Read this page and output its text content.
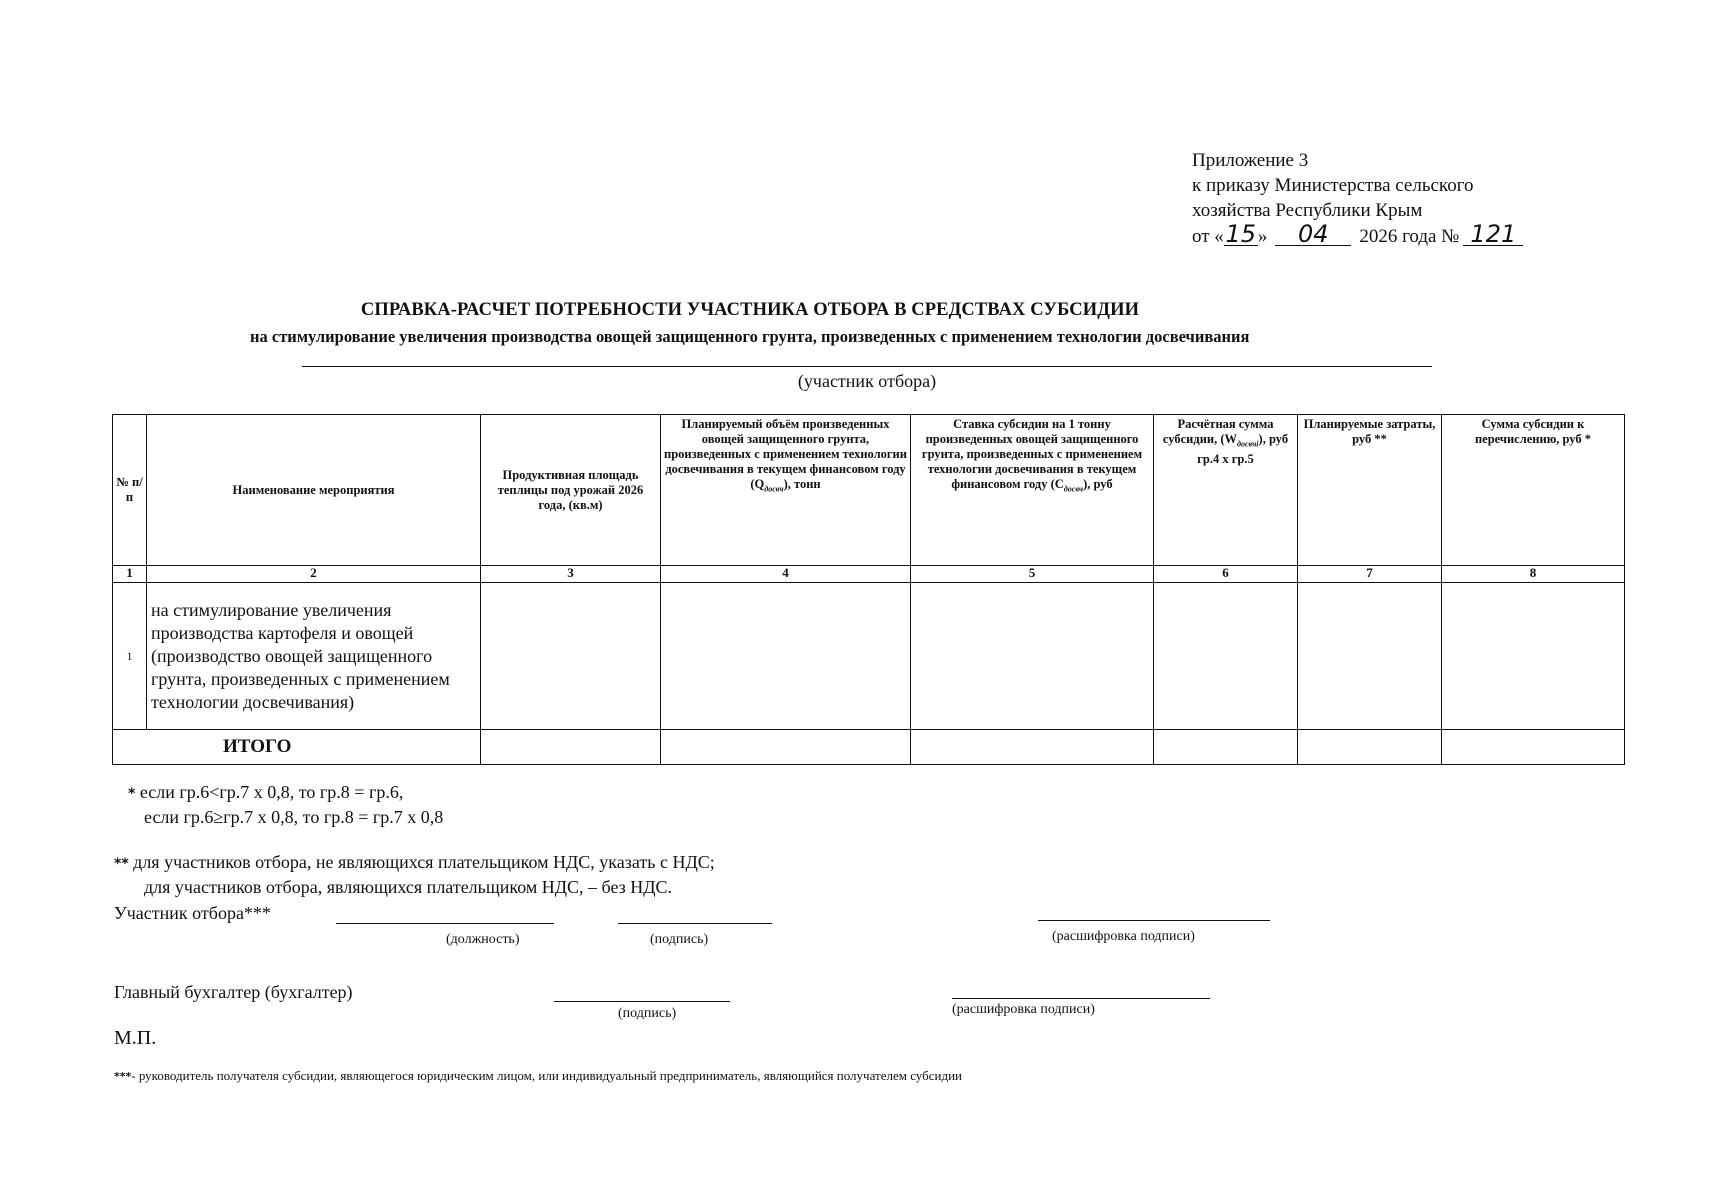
Приложение 3
к приказу Министерства сельского
хозяйства Республики Крым
от «15» 04 2026 года № 121
СПРАВКА-РАСЧЕТ ПОТРЕБНОСТИ УЧАСТНИКА ОТБОРА В СРЕДСТВАХ СУБСИДИИ
на стимулирование увеличения производства овощей защищенного грунта, произведенных с применением технологии досвечивания
(участник отбора)
№ п/п	Наименование мероприятия	Продуктивная площадь теплицы под урожай 2026 года, (кв.м)	Планируемый объём произведенных овощей защищенного грунта, произведенных с применением технологии досвечивания в текущем финансовом году $(Q_{досвч})$, тонн	Ставка субсидии на 1 тонну произведенных овощей защищенного грунта, произведенных с применением технологии досвечивания в текущем финансовом году $(С_{досвч})$, руб	Расчётная сумма субсидии, $(W_{досвчi})$, руб гр.4 х гр.5	Планируемые затраты, руб **	Сумма субсидии к перечислению, руб *
1	2	3	4	5	6	7	8
1	на стимулирование увеличения производства картофеля и овощей (производство овощей защищенного грунта, произведенных с применением технологии досвечивания)						
ИТОГО							
* если гр.6<гр.7 х 0,8, то гр.8 = гр.6,
если гр.6≥гр.7 х 0,8, то гр.8 = гр.7 х 0,8
** для участников отбора, не являющихся плательщиком НДС, указать с НДС;
для участников отбора, являющихся плательщиком НДС, – без НДС.
Участник отбора***
(должность)	(подпись)	(расшифровка подписи)
Главный бухгалтер (бухгалтер)
(подпись)	(расшифровка подписи)
М.П.
***- руководитель получателя субсидии, являющегося юридическим лицом, или индивидуальный предприниматель, являющийся получателем субсидии
